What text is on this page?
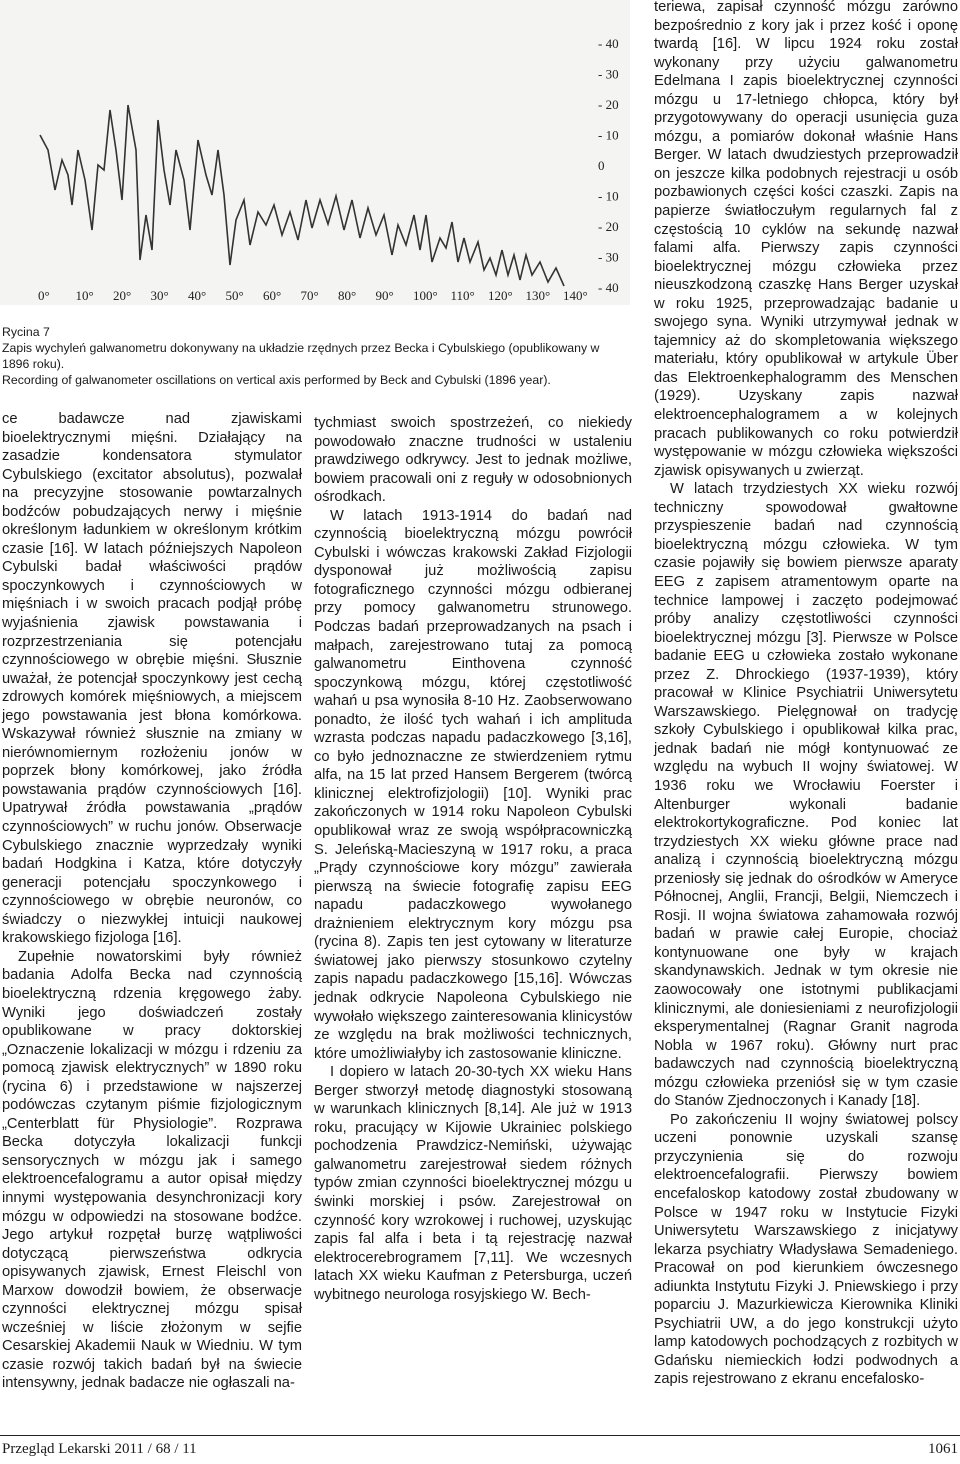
- 40
- 30
- 20
- 10
0
- 10
- 20
- 30
- 40
0° 10° 20° 30° 40° 50° 60° 70° 80° 90° 100° 110° 120° 130° 140°
Rycina 7
Zapis wychyleń galwanometru dokonywany na układzie rzędnych przez Becka i Cybulskiego (opublikowany w 1896 roku).
Recording of galwanometer oscillations on vertical axis performed by Beck and Cybulski (1896 year).

ce badawcze nad zjawiskami bioelektrycznymi mięśni. Działający na zasadzie kondensatora stymulator Cybulskiego (excitator absolutus), pozwalał na precyzyjne stosowanie powtarzalnych bodźców pobudzających nerwy i mięśnie określonym ładunkiem w określonym krótkim czasie [16]. W latach późniejszych Napoleon Cybulski badał właściwości prądów spoczynkowych i czynnościowych w mięśniach i w swoich pracach podjął próbę wyjaśnienia zjawisk powstawania i rozprzestrzeniania się potencjału czynnościowego w obrębie mięśni. Słusznie uważał, że potencjał spoczynkowy jest cechą zdrowych komórek mięśniowych, a miejscem jego powstawania jest błona komórkowa. Wskazywał również słusznie na zmiany w nierównomiernym rozłożeniu jonów w poprzek błony komórkowej, jako źródła powstawania prądów czynnościowych [16]. Upatrywał źródła powstawania „prądów czynnościowych” w ruchu jonów. Obserwacje Cybulskiego znacznie wyprzedzały wyniki badań Hodgkina i Katza, które dotyczyły generacji potencjału spoczynkowego i czynnościowego w obrębie neuronów, co świadczy o niezwykłej intuicji naukowej krakowskiego fizjologa [16].

Zupełnie nowatorskimi były również badania Adolfa Becka nad czynnością bioelektryczną rdzenia kręgowego żaby. Wyniki jego doświadczeń zostały opublikowane w pracy doktorskiej „Oznaczenie lokalizacji w mózgu i rdzeniu za pomocą zjawisk elektrycznych” w 1890 roku (rycina 6) i przedstawione w najszerzej podówczas czytanym piśmie fizjologicznym „Centerblatt für Physiologie”. Rozprawa Becka dotyczyła lokalizacji funkcji sensorycznych w mózgu jak i samego elektroencefalogramu a autor opisał między innymi występowania desynchronizacji kory mózgu w odpowiedzi na stosowane bodźce. Jego artykuł rozpętał burzę wątpliwości dotyczącą pierwszeństwa odkrycia opisywanych zjawisk, Ernest Fleischl von Marxow dowodził bowiem, że obserwacje czynności elektrycznej mózgu spisał wcześniej w liście złożonym w sejfie Cesarskiej Akademii Nauk w Wiedniu. W tym czasie rozwój takich badań był na świecie intensywny, jednak badacze nie ogłaszali na-

tychmiast swoich spostrzeżeń, co niekiedy powodowało znaczne trudności w ustaleniu prawdziwego odkrywcy. Jest to jednak możliwe, bowiem pracowali oni z reguły w odosobnionych ośrodkach.

W latach 1913-1914 do badań nad czynnością bioelektryczną mózgu powrócił Cybulski i wówczas krakowski Zakład Fizjologii dysponował już możliwością zapisu fotograficznego czynności mózgu odbieranej przy pomocy galwanometru strunowego. Podczas badań przeprowadzanych na psach i małpach, zarejestrowano tutaj za pomocą galwanometru Einthovena czynność spoczynkową mózgu, której częstotliwość wahań u psa wynosiła 8-10 Hz. Zaobserwowano ponadto, że ilość tych wahań i ich amplituda wzrasta podczas napadu padaczkowego [3,16], co było jednoznaczne ze stwierdzeniem rytmu alfa, na 15 lat przed Hansem Bergerem (twórcą klinicznej elektrofizjologii) [10]. Wyniki prac zakończonych w 1914 roku Napoleon Cybulski opublikował wraz ze swoją współpracowniczką S. Jeleńską-Macieszyną w 1917 roku, a praca „Prądy czynnościowe kory mózgu” zawierała pierwszą na świecie fotografię zapisu EEG napadu padaczkowego wywołanego drażnieniem elektrycznym kory mózgu psa (rycina 8). Zapis ten jest cytowany w literaturze światowej jako pierwszy stosunkowo czytelny zapis napadu padaczkowego [15,16]. Wówczas jednak odkrycie Napoleona Cybulskiego nie wywołało większego zainteresowania klinicystów ze względu na brak możliwości technicznych, które umożliwiałyby ich zastosowanie kliniczne.

I dopiero w latach 20-30-tych XX wieku Hans Berger stworzył metodę diagnostyki stosowaną w warunkach klinicznych [8,14]. Ale już w 1913 roku, pracujący w Kijowie Ukrainiec polskiego pochodzenia Prawdzicz-Nemiński, używając galwanometru zarejestrował siedem różnych typów zmian czynności bioelektrycznej mózgu u świnki morskiej i psów. Zarejestrował on czynność kory wzrokowej i ruchowej, uzyskując zapis fal alfa i beta i tą rejestrację nazwał elektrocerebrogramem [7,11]. We wczesnych latach XX wieku Kaufman z Petersburga, uczeń wybitnego neurologa rosyjskiego W. Bech-

teriewa, zapisał czynność mózgu zarówno bezpośrednio z kory jak i przez kość i oponę twardą [16]. W lipcu 1924 roku został wykonany przy użyciu galwanometru Edelmana I zapis bioelektrycznej czynności mózgu u 17-letniego chłopca, który był przygotowywany do operacji usunięcia guza mózgu, a pomiarów dokonał właśnie Hans Berger. W latach dwudziestych przeprowadził on jeszcze kilka podobnych rejestracji u osób pozbawionych części kości czaszki. Zapis na papierze światłoczułym regularnych fal z częstością 10 cyklów na sekundę nazwał falami alfa. Pierwszy zapis czynności bioelektrycznej mózgu człowieka przez nieuszkodzoną czaszkę Hans Berger uzyskał w roku 1925, przeprowadzając badanie u swojego syna. Wyniki utrzymywał jednak w tajemnicy aż do skompletowania większego materiału, który opublikował w artykule Über das Elektroenkephalogramm des Menschen (1929). Uzyskany zapis nazwał elektroencephalogramem a w kolejnych pracach publikowanych co roku potwierdził występowanie w mózgu człowieka większości zjawisk opisywanych u zwierząt.

W latach trzydziestych XX wieku rozwój techniczny spowodował gwałtowne przyspieszenie badań nad czynnością bioelektryczną mózgu człowieka. W tym czasie pojawiły się bowiem pierwsze aparaty EEG z zapisem atramentowym oparte na technice lampowej i zaczęto podejmować próby analizy częstotliwości czynności bioelektrycznej mózgu [3]. Pierwsze w Polsce badanie EEG u człowieka zostało wykonane przez Z. Dhrockiego (1937-1939), który pracował w Klinice Psychiatrii Uniwersytetu Warszawskiego. Pielęgnował on tradycję szkoły Cybulskiego i opublikował kilka prac, jednak badań nie mógł kontynuować ze względu na wybuch II wojny światowej. W 1936 roku we Wrocławiu Foerster i Altenburger wykonali badanie elektrokortykograficzne. Pod koniec lat trzydziestych XX wieku główne prace nad analizą i czynnością bioelektryczną mózgu przeniosły się jednak do ośrodków w Ameryce Północnej, Anglii, Francji, Belgii, Niemczech i Rosji. II wojna światowa zahamowała rozwój badań w prawie całej Europie, chociaż kontynuowane one były w krajach skandynawskich. Jednak w tym okresie nie zaowocowały one istotnymi publikacjami klinicznymi, ale doniesieniami z neurofizjologii eksperymentalnej (Ragnar Granit nagroda Nobla w 1967 roku). Główny nurt prac badawczych nad czynnością bioelektryczną mózgu człowieka przeniósł się w tym czasie do Stanów Zjednoczonych i Kanady [18].

Po zakończeniu II wojny światowej polscy uczeni ponownie uzyskali szansę przyczynienia się do rozwoju elektroencefalografii. Pierwszy bowiem encefaloskop katodowy został zbudowany w Polsce w 1947 roku w Instytucie Fizyki Uniwersytetu Warszawskiego z inicjatywy lekarza psychiatry Władysława Semadeniego. Pracował on pod kierunkiem ówczesnego adiunkta Instytutu Fizyki J. Pniewskiego i przy poparciu J. Mazurkiewicza Kierownika Kliniki Psychiatrii UW, a do jego konstrukcji użyto lamp katodowych pochodzących z rozbitych w Gdańsku niemieckich łodzi podwodnych a zapis rejestrowano z ekranu encefalosko-

Przegląd Lekarski 2011 / 68 / 11	1061
